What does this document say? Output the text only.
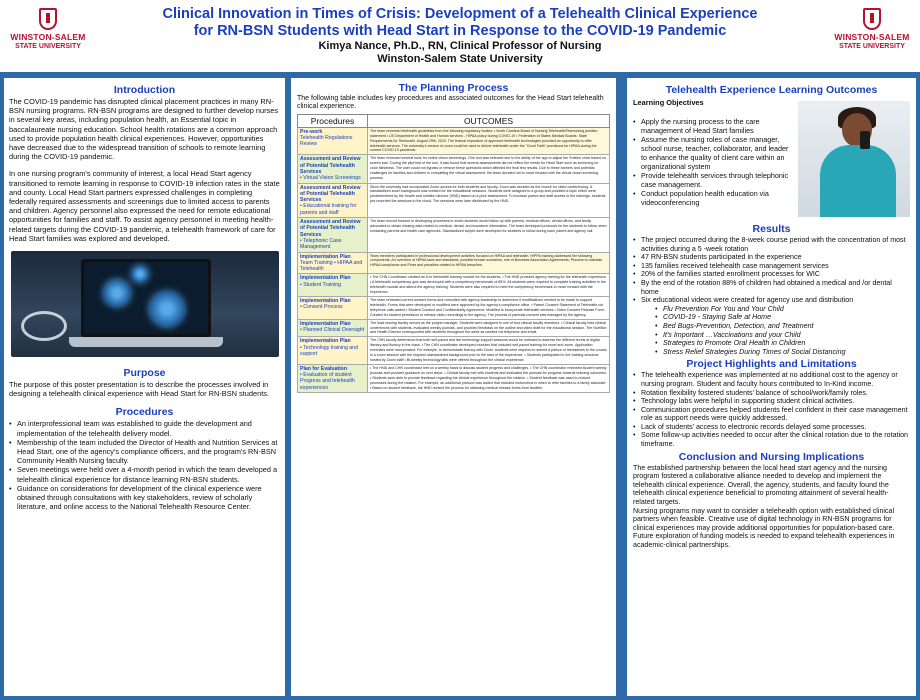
WINSTON-SALEM
STATE UNIVERSITY
Clinical Innovation in Times of Crisis: Development of a Telehealth Clinical Experience
for RN-BSN Students with Head Start in Response to the COVID-19 Pandemic
Kimya Nance, Ph.D., RN, Clinical Professor of Nursing
Winston-Salem State University
WINSTON-SALEM
STATE UNIVERSITY
Introduction

The COVID-19 pandemic has disrupted clinical placement practices in many RN-BSN nursing programs. RN-BSN programs are designed to further develop nurses in several key areas, including population health, an Essential topic in baccalaureate nursing education. School health rotations are a common approach used to provide population health clinical experiences. However, opportunities have decreased due to the widespread transition of schools to remote learning during the COVID-19 pandemic.

In one nursing program's community of interest, a local Head Start agency transitioned to remote learning in response to COVID-19 infection rates in the state and county. Local Head Start partners expressed challenges in completing federally required assessments and screenings due to limited access to parents and children. Agency personnel also expressed the need for remote educational opportunities for families and staff. To assist agency personnel in meeting health-related targets during the COVID-19 pandemic, a telehealth framework of care for Head Start families was explored and developed.

Purpose

The purpose of this poster presentation is to describe the processes involved in designing a telehealth clinical experience with Head Start for RN-BSN students.

Procedures
• An interprofessional team was established to guide the development and implementation of the telehealth delivery model.
• Membership of the team included the Director of Health and Nutrition Services at Head Start, one of the agency's compliance officers, and the program's RN-BSN Community Health Nursing faculty.
• Seven meetings were held over a 4-month period in which the team developed a telehealth clinical experience for distance learning RN-BSN students.
• Guidance on considerations for development of the clinical experience were obtained through consultations with key stakeholders, review of scholarly literature, and online access to the National Telehealth Resource Center.
The Planning Process
The following table includes key procedures and associated outcomes for the Head Start telehealth clinical experience.
Procedures	OUTCOMES
Pre-work
Telehealth Regulations Review
The team reviewed telehealth guidelines from the following regulatory bodies: • North Carolina Board of Nursing Telehealth/Telenursing position statement • US Department of Health and Human services - HIPAA policy during COVID-19 • Federation of States Medical Boards: State Requirements for Telehealth. August 29th, 2020. The federal expansion of approved telehealth technologies provided an opportunity to offer telehealth services. The university's version of zoom could be used to deliver telehealth under the "Good Faith" provisions for HIPAA during the current COVID-19 pandemic.
Assessment and Review of Potential Telehealth Services
• Virtual Vision Screenings
The team reviewed several tools for online vision screenings. One tool was selected due to the ability of the app to adjust the Snellen chart based on screen size. During the pilot test of the tool, it was found that several assessments did not reflect the needs for Head Start such as screening for color blindness. The user could not bypass or remove these questions which affected the final test results. Due to these barriers and potential challenges for families and children in completing the virtual assessment, the team decided not to move forward with the virtual vision screening process.
Assessment and Review of Potential Telehealth Services
• Educational training for parents and staff
Since the university had incorporated Zoom access for both students and faculty, Zoom was decided as the choice for video conferencing. A standardized zoom background was created for the educational sessions. Students were assigned to a group and provided a topic which were predetermined by the health and nutrition director (HND) based on a prior assessment. To increase parent and staff access to the trainings, students pre-recorded the sessions to the cloud. The sessions were later distributed by the HND.
Assessment and Review of Potential Telehealth Services
• Telephonic Case Management
The team moved forward in developing processes in which students would follow up with parents, medical offices, dental offices, and family advocates to obtain missing data related to medical, dental, and insurance information. The team developed protocols for the students to follow when contacting parents and health care agencies. Standardized scripts were developed for students to follow during each parent and agency call.
Implementation Plan
Team Training • HIPAA and Telehealth
Team members participated in professional development activities focused on HIPAA and telehealth. HIPPA training addressed the following components: An overview of HIPAA laws and standards; possible breach scenarios; role of Business Association Agreements; Process to maintain HIPAA compliance and Fines and penalties related to HIPAA breaches.
Implementation Plan
• Student Training
• The CHN Coordinator created an 8-hr telehealth training module for the students. • The HND provided agency training for the telehealth experience. • A telehealth competency quiz was developed with a competency benchmark of 85%. All students were required to complete training activities in the telehealth module and attend the agency training. Students were also required to meet the competency benchmark to move forward with the experience.
Implementation Plan
• Consent Process
The team reviewed current consent forms and consulted with agency leadership to determine if modifications needed to be made to support telehealth. Forms that were developed or modified were approved by the agency's compliance office. • Parent Consent Statement of Telehealth via telephone calls added • Student Conduct and Confidentiality Agreement- Modified to incorporate telehealth services • Video Consent Release Form-Created for student permission to release video recordings to the agency. The process of parental consent was managed by the agency.
Implementation Plan
• Planned Clinical Oversight
The lead nursing faculty served as the project manager. Students were assigned to one of four clinical faculty members. • Clinical faculty held clinical conferences with students, evaluated weekly journals, and provided feedback on the outline and video draft for the educational session. The Nutrition and Health Director corresponded with students throughout the week as needed via telephone and email.
Implementation Plan
• Technology training and support
The CHN faculty determined that both self-paced and live technology support sessions would be included to address the different levels of digital literacy and fluency in the class. • The CHN coordinator developed modules that included self-paced training for excel and zoom. Application exercises were incorporated. For example, to demonstrate fluency with Zoom, students were required to submit a picture of themselves to the course in a zoom session with the required standardized background prior to the start of the experience. • Students participated in live training sessions hosted by Zoom staff • Bi-weekly technology labs were offered throughout the clinical experience.
Plan for Evaluation
• Evaluation of student Progress and telehealth experiences
• The HND and CHN coordinator met on a weekly basis to discuss student progress and challenges. • The CHN coordinator reviewed student weekly journals and provided guidance on next steps. • Clinical faculty met with students and evaluated the journals for progress towards learning outcomes. • Students were able to provide feedback regarding the clinical experience throughout the rotation. • Student feedback was used to revised processes during the rotation. For example, an additional protocol was added that included instructions in when to refer families to a family advocate. • Based on student feedback, the HND revised the process for obtaining medical release forms from families.
Telehealth Experience Learning Outcomes
Learning Objectives
• Apply the nursing process to the care management of Head Start families
• Assume the nursing roles of case manager, school nurse, teacher, collaborator, and leader to enhance the quality of client care within an organizational system
• Provide telehealth services through telephonic case management.
• Conduct population health education via videoconferencing
Results
• The project occurred during the 8-week course period with the concentration of most activities during a 5 -week rotation
• 47 RN-BSN students participated in the experience
• 135 families received telehealth case management services
• 20% of the families started enrollment processes for WIC
• By the end of the rotation 88% of children had obtained a medical and /or dental home
• Six educational videos were created for agency use and distribution
• Flu Prevention For You and Your Child
• COVID-19 - Staying Safe at Home
• Bed Bugs-Prevention, Detection, and Treatment
• It's Important …Vaccinations and your Child
• Strategies to Promote Oral Health in Children
• Stress Relief Strategies During Times of Social Distancing
Project Highlights and Limitations
• The telehealth experience was implemented at no additional cost to the agency or nursing program. Student and faculty hours contributed to In-Kind income.
• Rotation flexibility fostered students' balance of school/work/family roles.
• Technology labs were helpful in supporting student clinical activities.
• Communication procedures helped students feel confident in their case management role as support needs were quickly addressed.
• Lack of students' access to electronic records delayed some processes.
• Some follow-up activities needed to occur after the clinical rotation due to the rotation timeframe.
Conclusion and Nursing Implications
The established partnership between the local head start agency and the nursing program fostered a collaborative alliance needed to develop and implement the telehealth clinical experience. Overall, the agency, students, and faculty found the telehealth clinical experience beneficial to promoting attainment of several health-related targets.
Nursing programs may want to consider a telehealth option with established clinical partners when feasible. Creative use of digital technology in RN-BSN programs for clinical experiences may provide additional opportunities for population-based care. Future exploration of funding models is needed to expand telehealth experiences in academic-clinical partnerships.
